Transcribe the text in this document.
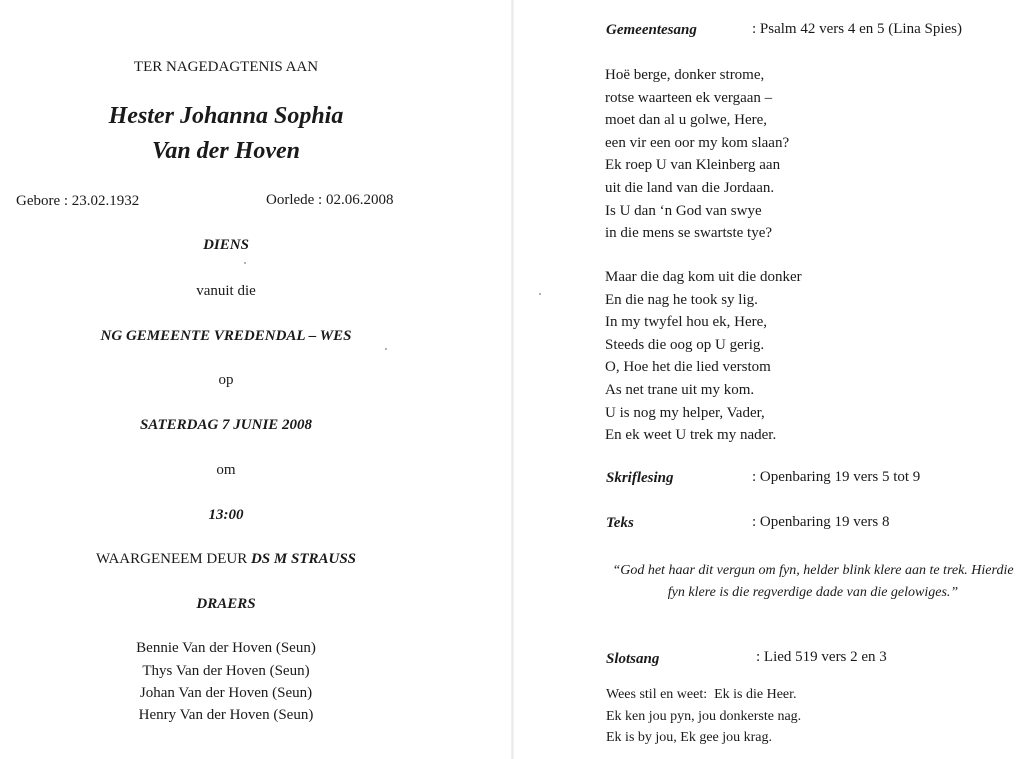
TER NAGEDAGTENIS AAN
Hester Johanna Sophia
Van der Hoven
Gebore : 23.02.1932	Oorlede : 02.06.2008
DIENS
vanuit die
NG GEMEENTE VREDENDAL – WES
op
SATERDAG 7 JUNIE 2008
om
13:00
WAARGENEEM DEUR DS M STRAUSS
DRAERS
Bennie Van der Hoven (Seun)
Thys Van der Hoven (Seun)
Johan Van der Hoven (Seun)
Henry Van der Hoven (Seun)
Gemeentesang	: Psalm 42 vers 4 en 5 (Lina Spies)
Hoë berge, donker strome,
rotse waarteen ek vergaan –
moet dan al u golwe, Here,
een vir een oor my kom slaan?
Ek roep U van Kleinberg aan
uit die land van die Jordaan.
Is U dan ‘n God van swye
in die mens se swartste tye?
Maar die dag kom uit die donker
En die nag he took sy lig.
In my twyfel hou ek, Here,
Steeds die oog op U gerig.
O, Hoe het die lied verstom
As net trane uit my kom.
U is nog my helper, Vader,
En ek weet U trek my nader.
Skriflesing	: Openbaring 19 vers 5 tot 9
Teks	: Openbaring 19 vers 8
“God het haar dit vergun om fyn, helder blink klere aan te trek. Hierdie fyn klere is die regverdige dade van die gelowiges.”
Slotsang	: Lied 519 vers 2 en 3
Wees stil en weet:  Ek is die Heer.
Ek ken jou pyn, jou donkerste nag.
Ek is by jou, Ek gee jou krag.
